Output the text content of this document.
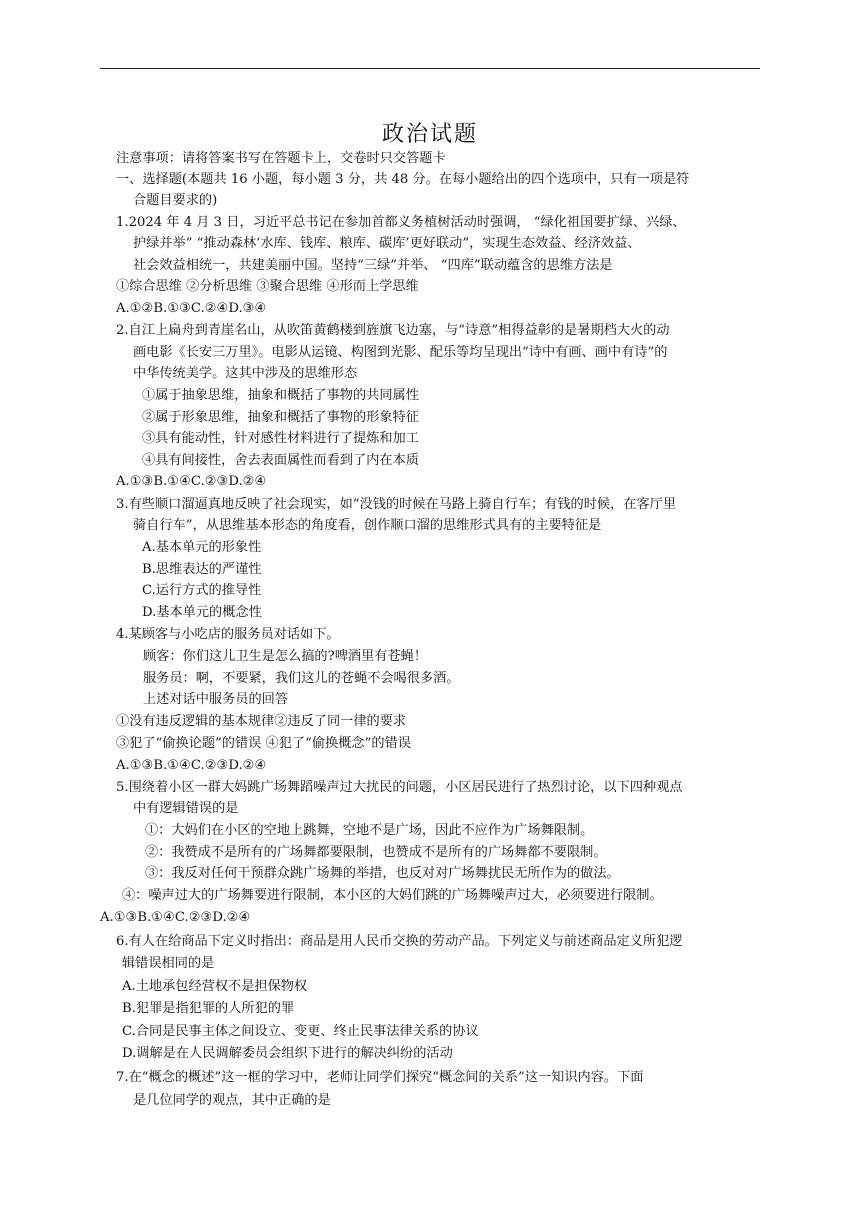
政治试题
注意事项：请将答案书写在答题卡上，交卷时只交答题卡
一、选择题(本题共 16 小题，每小题 3 分，共 48 分。在每小题给出的四个选项中，只有一项是符
合题目要求的)
1.2024 年 4 月 3 日，习近平总书记在参加首都义务植树活动时强调， “绿化祖国要扩绿、兴绿、
护绿并举” “推动森林‘水库、钱库、粮库、碳库’更好联动”，实现生态效益、经济效益、
社会效益相统一，共建美丽中国。坚持“三绿”并举、 “四库”联动蕴含的思维方法是
①综合思维 ②分析思维 ③聚合思维 ④形而上学思维
A.①②B.①③C.②④D.③④
2.自江上扁舟到青崖名山，从吹笛黄鹤楼到旌旗飞边塞，与“诗意”相得益彰的是暑期档大火的动
画电影《长安三万里》。电影从运镜、构图到光影、配乐等均呈现出“诗中有画、画中有诗”的
中华传统美学。这其中涉及的思维形态
①属于抽象思维，抽象和概括了事物的共同属性
②属于形象思维，抽象和概括了事物的形象特征
③具有能动性，针对感性材料进行了提炼和加工
④具有间接性，舍去表面属性而看到了内在本质
A.①③B.①④C.②③D.②④
3.有些顺口溜逼真地反映了社会现实，如“没钱的时候在马路上骑自行车；有钱的时候，在客厅里
骑自行车”，从思维基本形态的角度看，创作顺口溜的思维形式具有的主要特征是
A.基本单元的形象性
B.思维表达的严谨性
C.运行方式的推导性
D.基本单元的概念性
4.某顾客与小吃店的服务员对话如下。
顾客：你们这儿卫生是怎么搞的?啤酒里有苍蝇！
服务员：啊，不要紧，我们这儿的苍蝇不会喝很多酒。
上述对话中服务员的回答
①没有违反逻辑的基本规律②违反了同一律的要求
③犯了“偷换论题”的错误 ④犯了“偷换概念”的错误
A.①③B.①④C.②③D.②④
5.围绕着小区一群大妈跳广场舞蹈噪声过大扰民的问题，小区居民进行了热烈讨论，以下四种观点
中有逻辑错误的是
①：大妈们在小区的空地上跳舞，空地不是广场，因此不应作为广场舞限制。
②：我赞成不是所有的广场舞都要限制，也赞成不是所有的广场舞都不要限制。
③：我反对任何干预群众跳广场舞的举措，也反对对广场舞扰民无所作为的做法。
④：噪声过大的广场舞要进行限制，本小区的大妈们跳的广场舞噪声过大，必须要进行限制。
A.①③B.①④C.②③D.②④
6.有人在给商品下定义时指出：商品是用人民币交换的劳动产品。下列定义与前述商品定义所犯逻
辑错误相同的是
A.土地承包经营权不是担保物权
B.犯罪是指犯罪的人所犯的罪
C.合同是民事主体之间设立、变更、终止民事法律关系的协议
D.调解是在人民调解委员会组织下进行的解决纠纷的活动
7.在“概念的概述”这一框的学习中，老师让同学们探究“概念间的关系”这一知识内容。下面
是几位同学的观点，其中正确的是
